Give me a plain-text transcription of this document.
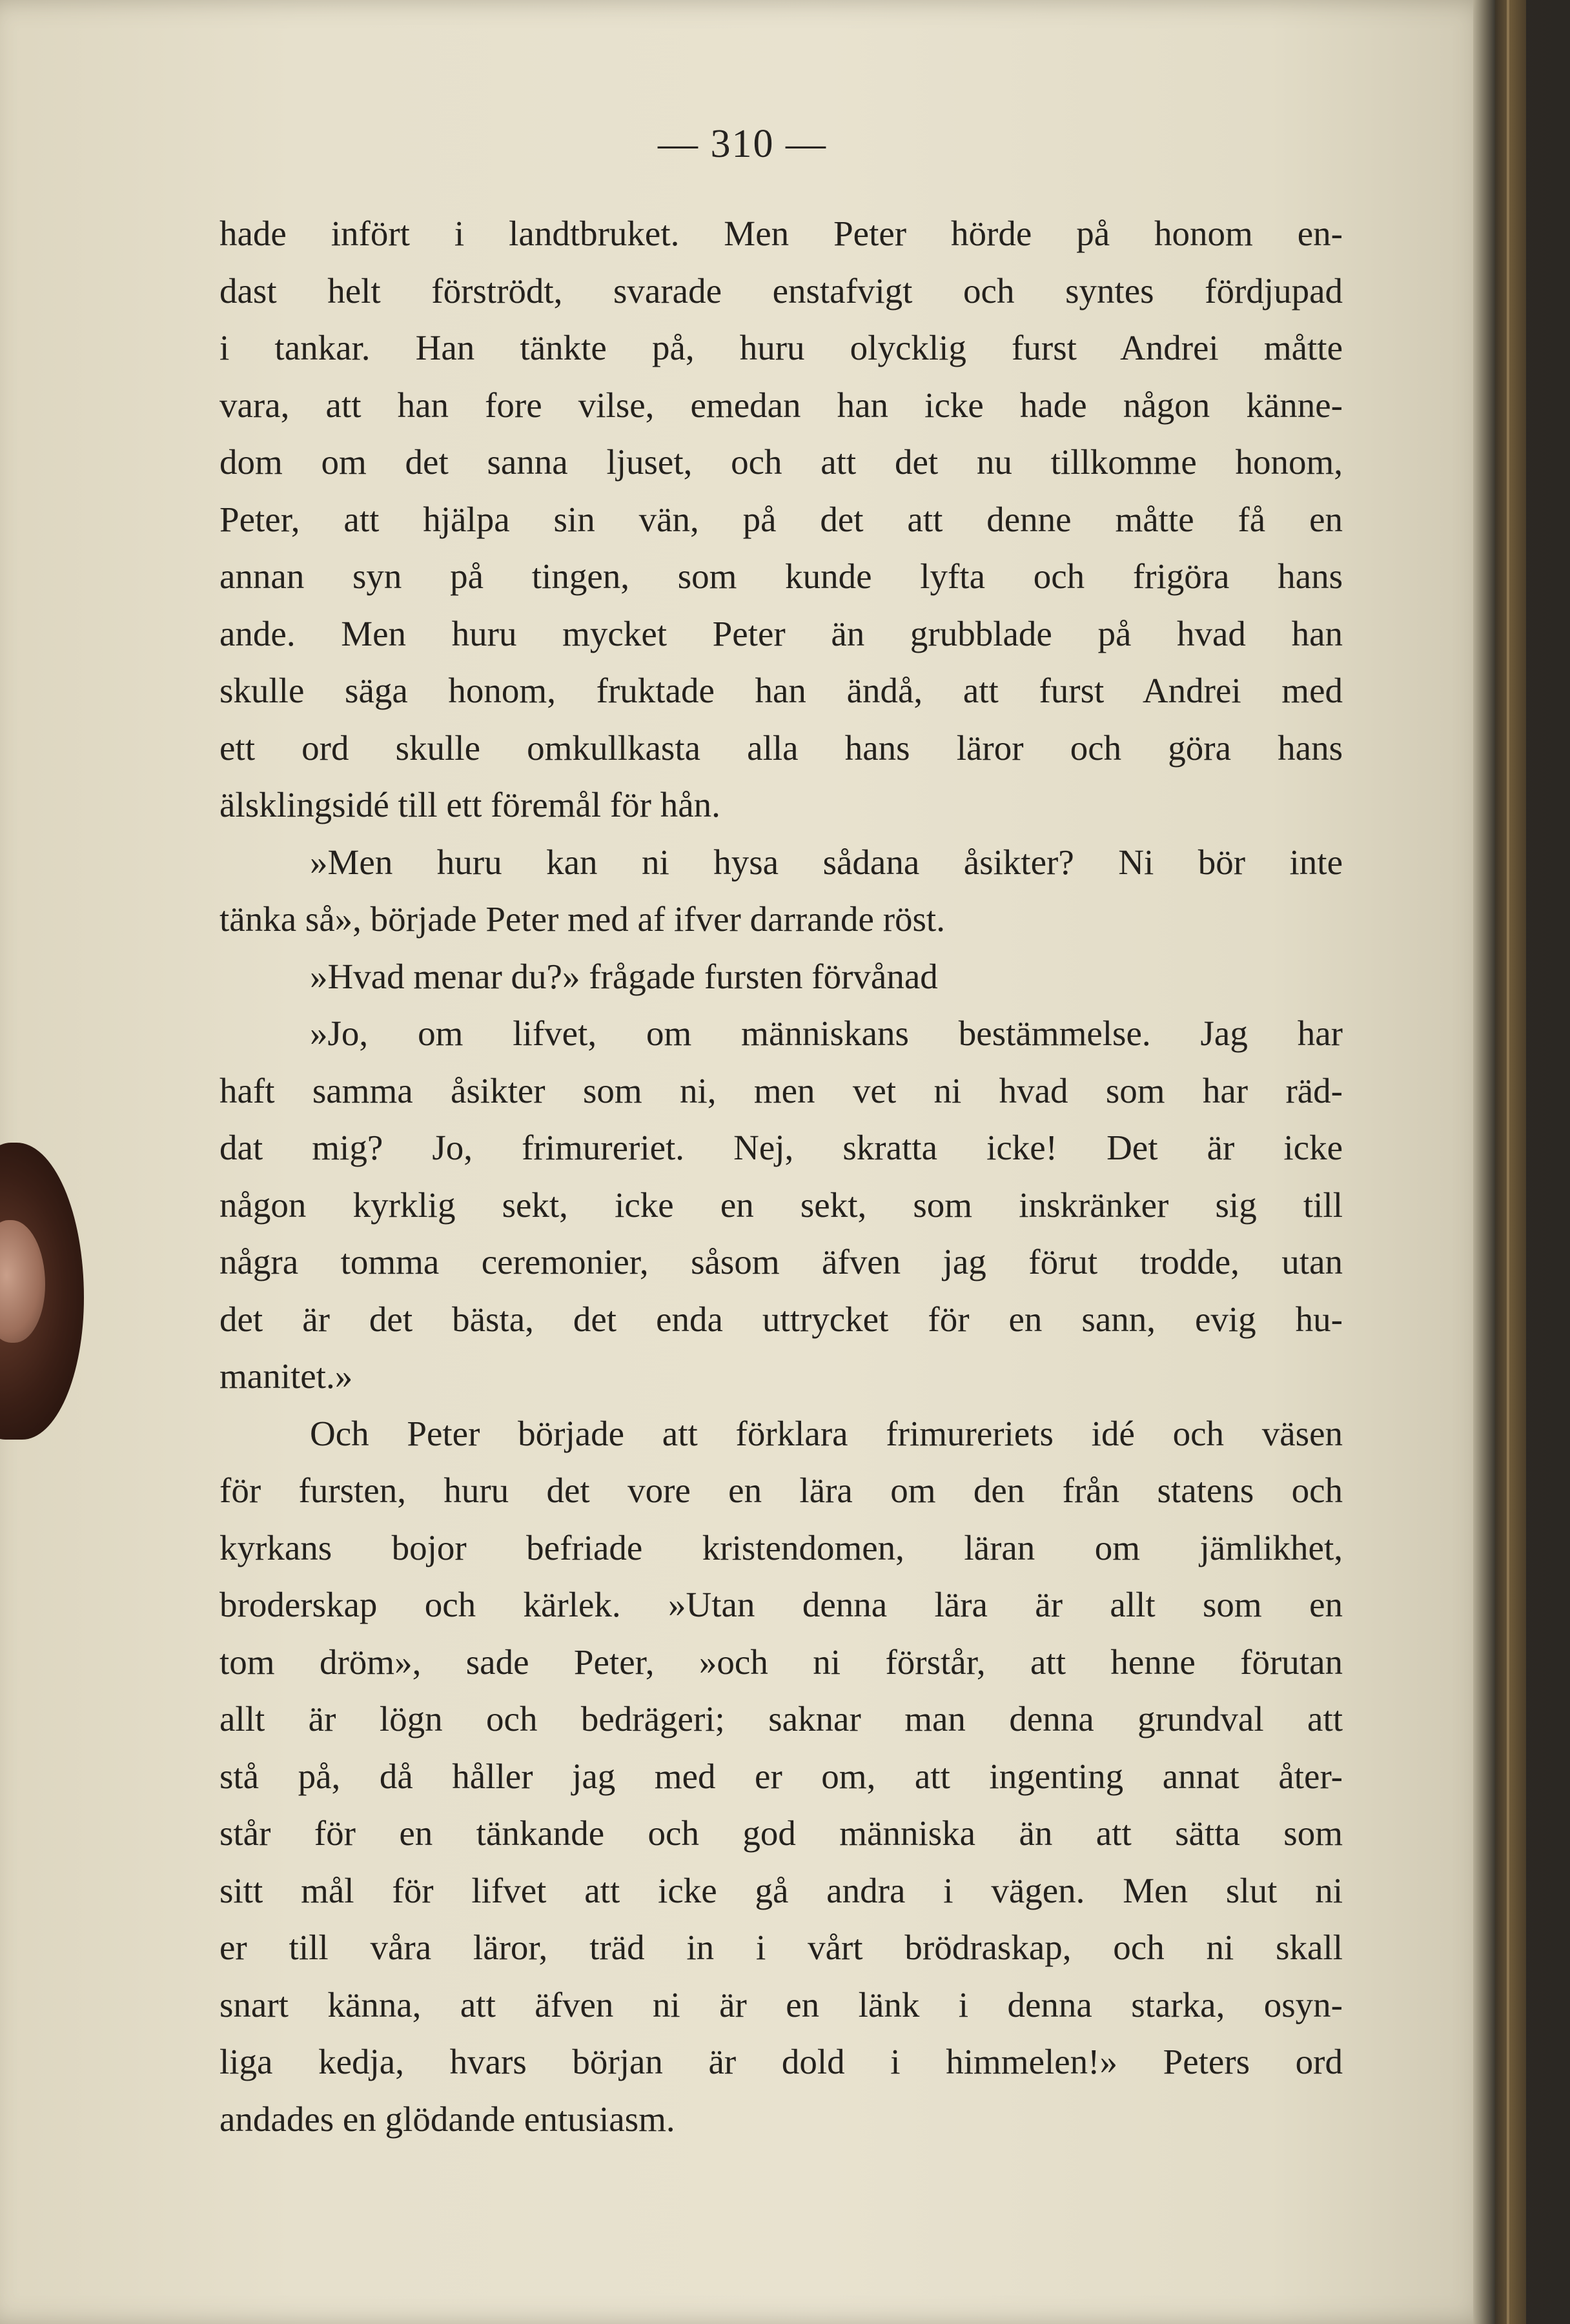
— 310 —
hade infört i landtbruket. Men Peter hörde på honom en-
dast helt förströdt, svarade enstafvigt och syntes fördjupad
i tankar. Han tänkte på, huru olycklig furst Andrei måtte
vara, att han fore vilse, emedan han icke hade någon känne-
dom om det sanna ljuset, och att det nu tillkomme honom,
Peter, att hjälpa sin vän, på det att denne måtte få en
annan syn på tingen, som kunde lyfta och frigöra hans
ande. Men huru mycket Peter än grubblade på hvad han
skulle säga honom, fruktade han ändå, att furst Andrei med
ett ord skulle omkullkasta alla hans läror och göra hans
älsklingsidé till ett föremål för hån.
»Men huru kan ni hysa sådana åsikter? Ni bör inte
tänka så», började Peter med af ifver darrande röst.
»Hvad menar du?» frågade fursten förvånad
»Jo, om lifvet, om människans bestämmelse. Jag har
haft samma åsikter som ni, men vet ni hvad som har räd-
dat mig? Jo, frimureriet. Nej, skratta icke! Det är icke
någon kyrklig sekt, icke en sekt, som inskränker sig till
några tomma ceremonier, såsom äfven jag förut trodde, utan
det är det bästa, det enda uttrycket för en sann, evig hu-
manitet.»
Och Peter började att förklara frimureriets idé och väsen
för fursten, huru det vore en lära om den från statens och
kyrkans bojor befriade kristendomen, läran om jämlikhet,
broderskap och kärlek. »Utan denna lära är allt som en
tom dröm», sade Peter, »och ni förstår, att henne förutan
allt är lögn och bedrägeri; saknar man denna grundval att
stå på, då håller jag med er om, att ingenting annat åter-
står för en tänkande och god människa än att sätta som
sitt mål för lifvet att icke gå andra i vägen. Men slut ni
er till våra läror, träd in i vårt brödraskap, och ni skall
snart känna, att äfven ni är en länk i denna starka, osyn-
liga kedja, hvars början är dold i himmelen!» Peters ord
andades en glödande entusiasm.
